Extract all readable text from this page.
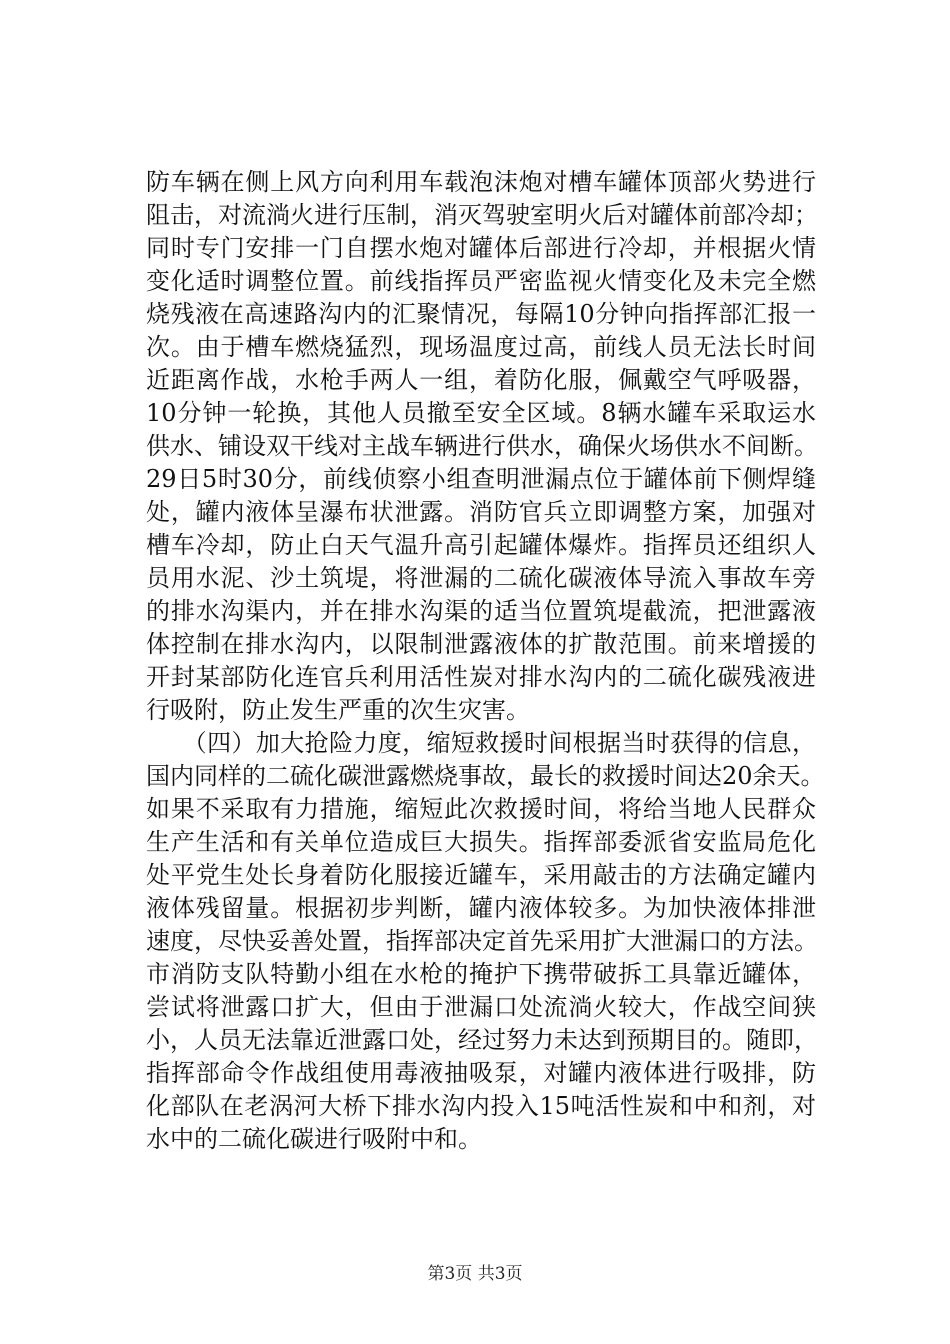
防车辆在侧上风方向利用车载泡沫炮对槽车罐体顶部火势进行
阻击，对流淌火进行压制，消灭驾驶室明火后对罐体前部冷却；
同时专门安排一门自摆水炮对罐体后部进行冷却，并根据火情
变化适时调整位置。前线指挥员严密监视火情变化及未完全燃
烧残液在高速路沟内的汇聚情况，每隔10分钟向指挥部汇报一
次。由于槽车燃烧猛烈，现场温度过高，前线人员无法长时间
近距离作战，水枪手两人一组，着防化服，佩戴空气呼吸器，
10分钟一轮换，其他人员撤至安全区域。8辆水罐车采取运水
供水、铺设双干线对主战车辆进行供水，确保火场供水不间断。
29日5时30分，前线侦察小组查明泄漏点位于罐体前下侧焊缝
处，罐内液体呈瀑布状泄露。消防官兵立即调整方案，加强对
槽车冷却，防止白天气温升高引起罐体爆炸。指挥员还组织人
员用水泥、沙土筑堤，将泄漏的二硫化碳液体导流入事故车旁
的排水沟渠内，并在排水沟渠的适当位置筑堤截流，把泄露液
体控制在排水沟内，以限制泄露液体的扩散范围。前来增援的
开封某部防化连官兵利用活性炭对排水沟内的二硫化碳残液进
行吸附，防止发生严重的次生灾害。
　　（四）加大抢险力度，缩短救援时间根据当时获得的信息，
国内同样的二硫化碳泄露燃烧事故，最长的救援时间达20余天。
如果不采取有力措施，缩短此次救援时间，将给当地人民群众
生产生活和有关单位造成巨大损失。指挥部委派省安监局危化
处平党生处长身着防化服接近罐车，采用敲击的方法确定罐内
液体残留量。根据初步判断，罐内液体较多。为加快液体排泄
速度，尽快妥善处置，指挥部决定首先采用扩大泄漏口的方法。
市消防支队特勤小组在水枪的掩护下携带破拆工具靠近罐体，
尝试将泄露口扩大，但由于泄漏口处流淌火较大，作战空间狭
小，人员无法靠近泄露口处，经过努力未达到预期目的。随即，
指挥部命令作战组使用毒液抽吸泵，对罐内液体进行吸排，防
化部队在老涡河大桥下排水沟内投入15吨活性炭和中和剂，对
水中的二硫化碳进行吸附中和。
第3页 共3页
